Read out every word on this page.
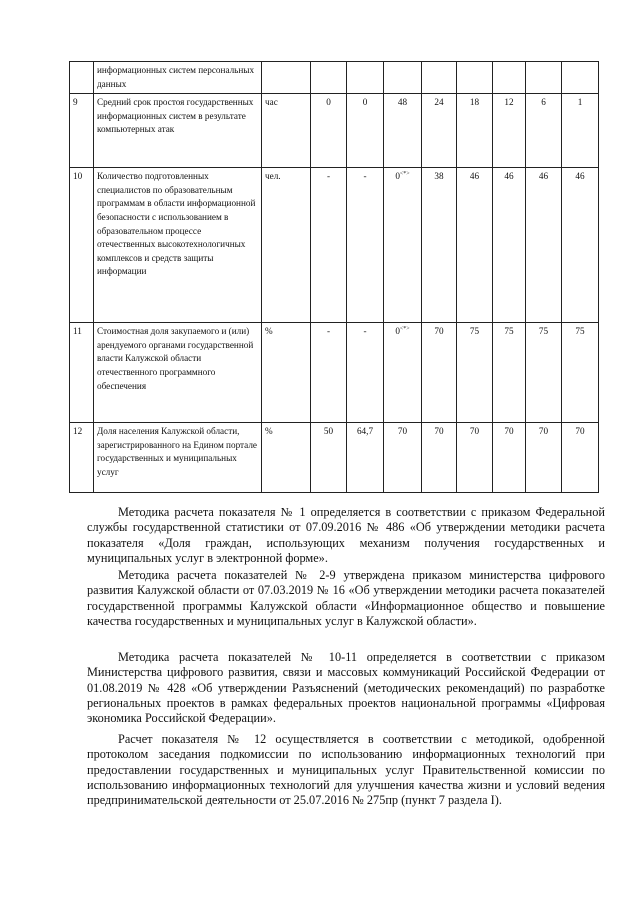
	информационных систем персональных данных									
9	Средний срок простоя государственных информационных систем в результате компьютерных атак	час	0	0	48	24	18	12	6	1
10	Количество подготовленных специалистов по образовательным программам в области информационной безопасности с использованием в образовательном процессе отечественных высокотехнологичных комплексов и средств защиты информации	чел.	-	-	0<*>	38	46	46	46	46
11	Стоимостная доля закупаемого и (или) арендуемого органами государственной власти Калужской области отечественного программного обеспечения	%	-	-	0<*>	70	75	75	75	75
12	Доля населения Калужской области, зарегистрированного на Едином портале государственных и муниципальных услуг	%	50	64,7	70	70	70	70	70	70

Методика расчета показателя № 1 определяется в соответствии с приказом Федеральной службы государственной статистики от 07.09.2016 № 486 «Об утверждении методики расчета показателя «Доля граждан, использующих механизм получения государственных и муниципальных услуг в электронной форме».

Методика расчета показателей № 2-9 утверждена приказом министерства цифрового развития Калужской области от 07.03.2019 № 16 «Об утверждении методики расчета показателей государственной программы Калужской области «Информационное общество и повышение качества государственных и муниципальных услуг в Калужской области».

Методика расчета показателей № 10-11 определяется в соответствии с приказом Министерства цифрового развития, связи и массовых коммуникаций Российской Федерации от 01.08.2019 № 428 «Об утверждении Разъяснений (методических рекомендаций) по разработке региональных проектов в рамках федеральных проектов национальной программы «Цифровая экономика Российской Федерации».

Расчет показателя № 12 осуществляется в соответствии с методикой, одобренной протоколом заседания подкомиссии по использованию информационных технологий при предоставлении государственных и муниципальных услуг Правительственной комиссии по использованию информационных технологий для улучшения качества жизни и условий ведения предпринимательской деятельности от 25.07.2016 № 275пр (пункт 7 раздела I).
